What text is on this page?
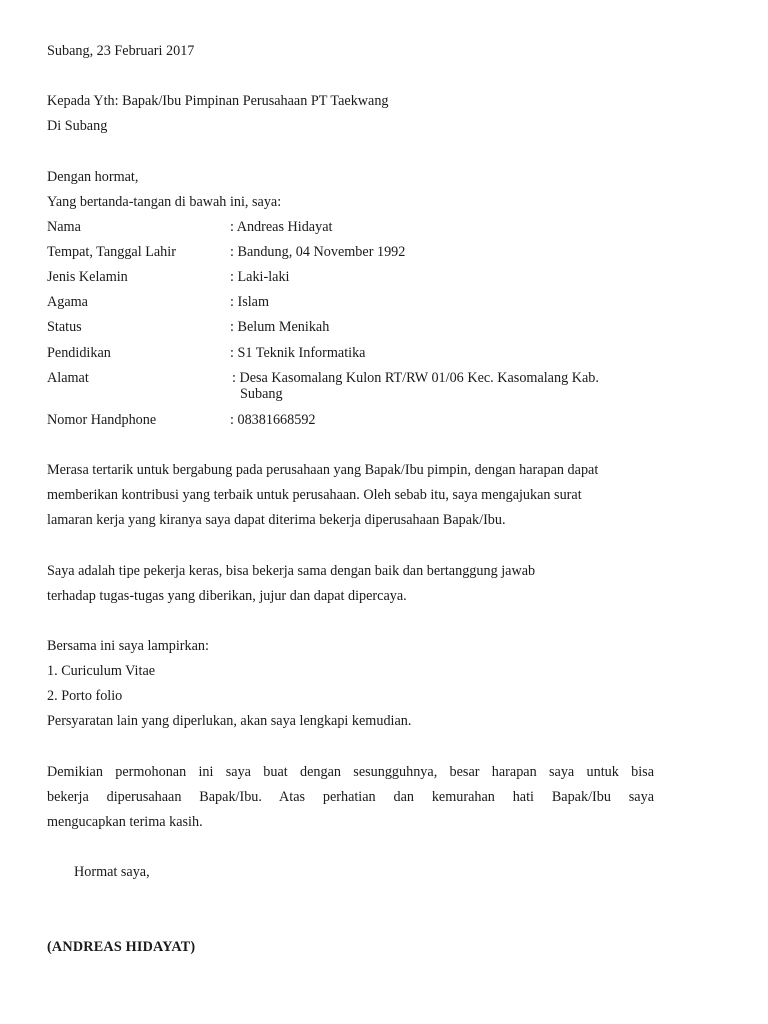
Subang, 23 Februari 2017
Kepada Yth: Bapak/Ibu Pimpinan Perusahaan PT Taekwang
Di Subang
Dengan hormat,
Yang bertanda-tangan di bawah ini, saya:
Nama	: Andreas Hidayat
Tempat, Tanggal Lahir	: Bandung, 04 November 1992
Jenis Kelamin	: Laki-laki
Agama	: Islam
Status	: Belum Menikah
Pendidikan	: S1 Teknik Informatika
Alamat	: Desa Kasomalang Kulon RT/RW 01/06 Kec. Kasomalang Kab.
Subang
Nomor Handphone	: 08381668592
Merasa tertarik untuk bergabung pada perusahaan yang Bapak/Ibu pimpin, dengan harapan dapat
memberikan kontribusi yang terbaik untuk perusahaan. Oleh sebab itu, saya mengajukan surat
lamaran kerja yang kiranya saya dapat diterima bekerja diperusahaan Bapak/Ibu.
Saya adalah tipe pekerja keras, bisa bekerja sama dengan baik dan bertanggung jawab
terhadap tugas-tugas yang diberikan, jujur dan dapat dipercaya.
Bersama ini saya lampirkan:
1. Curiculum Vitae
2. Porto folio
Persyaratan lain yang diperlukan, akan saya lengkapi kemudian.
Demikian permohonan ini saya buat dengan sesungguhnya, besar harapan saya untuk bisa
bekerja diperusahaan Bapak/Ibu. Atas perhatian dan kemurahan hati Bapak/Ibu saya
mengucapkan terima kasih.
Hormat saya,
(ANDREAS HIDAYAT)
